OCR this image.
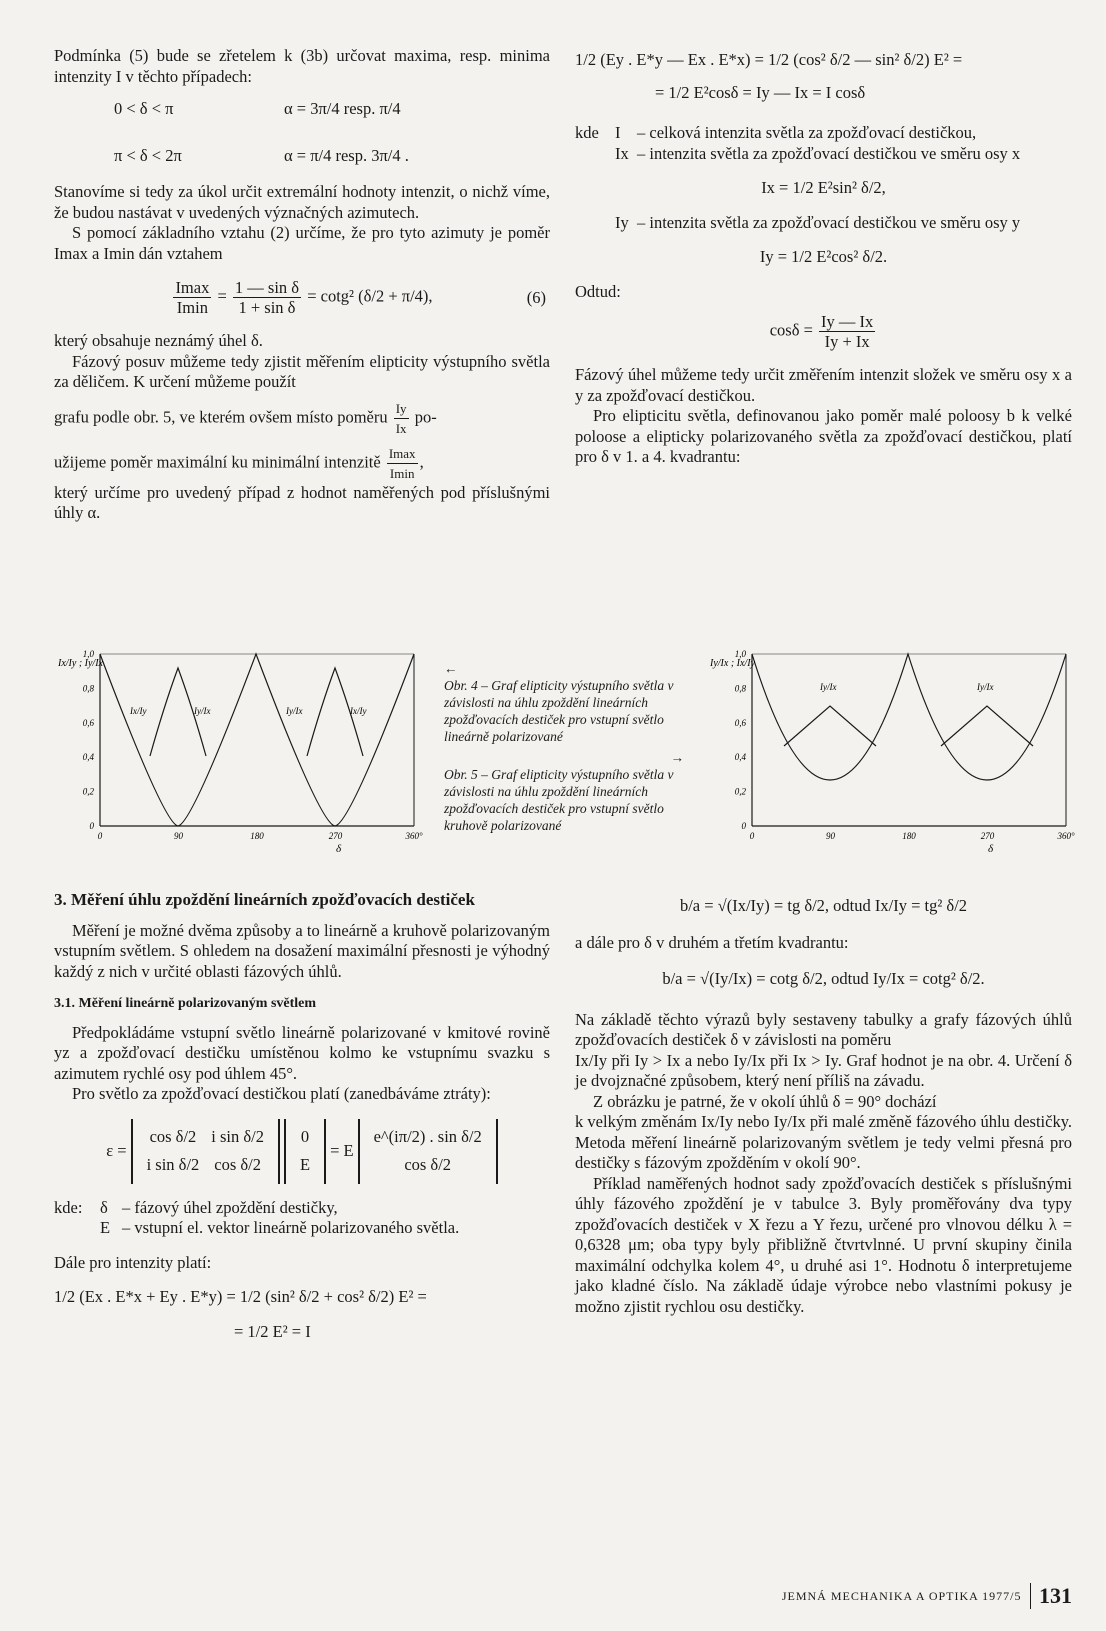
Podmínka (5) bude se zřetelem k (3b) určovat maxima, resp. minima intenzity I v těchto případech:

0 < δ < π	α = 3π/4 resp. π/4
π < δ < 2π	α = π/4 resp. 3π/4 .

Stanovíme si tedy za úkol určit extremální hodnoty intenzit, o nichž víme, že budou nastávat v uvedených význačných azimutech.

S pomocí základního vztahu (2) určíme, že pro tyto azimuty je poměr Imax a Imin dán vztahem

$\frac{Imax}{Imin} = \frac{\text{1 — sin δ}}{\text{1 + sin δ}} = \cot g^2$ (δ/2 + π/4),	(6)

který obsahuje neznámý úhel δ.

Fázový posuv můžeme tedy zjistit měřením elipticity výstupního světla za děličem. K určení můžeme použít

grafu podle obr. 5, ve kterém ovšem místo poměru $\frac{Iy}{Ix} po-$

užijeme poměr maximální ku minimální intenzitě $\frac{Imax}{Imin}$ ,

který určíme pro uvedený případ z hodnot naměřených pod příslušnými úhly α.

1/2 (Ey . E*y — Ex . E*x) = 1/2 (cos² δ/2 — sin² δ/2) E² =
= 1/2 E²cosδ = Iy — Ix = I cosδ
kde I	– celková intenzita světla za zpožďovací destičkou,
Ix – intenzita světla za zpožďovací destičkou ve směru osy x
Ix = 1/2 E²sin² δ/2,
Iy – intenzita světla za zpožďovací destičkou ve směru osy y
Iy = 1/2 E²cos² δ/2.

Odtud:

$\cos\delta = \frac{Iy — Ix}{Iy + Ix}$

Fázový úhel můžeme tedy určit změřením intenzit složek ve směru osy x a y za zpožďovací destičkou.

Pro elipticitu světla, definovanou jako poměr malé poloosy b k velké poloose a elipticky polarizovaného světla za zpožďovací destičkou, platí pro δ v 1. a 4. kvadrantu:

Ix/Iy ; Iy/Ix
1,0
0,8
0,6
0,4
0,2
0
0	90	180	270	360°
δ
Ix/Iy	Iy/Ix	Iy/Ix	Ix/Iy
←
Obr. 4 – Graf elipticity výstupního světla v závislosti na úhlu zpoždění lineárních zpožďovacích destiček pro vstupní světlo lineárně polarizované
→
Obr. 5 – Graf elipticity výstupního světla v závislosti na úhlu zpoždění lineárních zpožďovacích destiček pro vstupní světlo kruhově polarizované
Iy/Ix ; Ix/Iy
1,0
0,8
0,6
0,4
0,2
0
0	90	180	270	360°
δ
Iy/Ix	Iy/Ix
3. Měření úhlu zpoždění lineárních zpožďovacích destiček

Měření je možné dvěma způsoby a to lineárně a kruhově polarizovaným vstupním světlem. S ohledem na dosažení maximální přesnosti je výhodný každý z nich v určité oblasti fázových úhlů.

3.1. Měření lineárně polarizovaným světlem

Předpokládáme vstupní světlo lineárně polarizované v kmitové rovině yz a zpožďovací destičku umístěnou kolmo ke vstupnímu svazku s azimutem rychlé osy pod úhlem 45°.

Pro světlo za zpožďovací destičkou platí (zanedbáváme ztráty):

ε =
cos δ/2	i sin δ/2
i sin δ/2	cos δ/2
0
E
= E
e^(iπ/2) . sin δ/2
cos δ/2
kde:	δ – fázový úhel zpoždění destičky,
E – vstupní el. vektor lineárně polarizovaného světla.

Dále pro intenzity platí:

1/2 (Ex . E*x + Ey . E*y) = 1/2 (sin² δ/2 + cos² δ/2) E² =
= 1/2 E² = I
b/a = √(Ix/Iy) = tg δ/2, odtud Ix/Iy = tg² δ/2

a dále pro δ v druhém a třetím kvadrantu:

b/a = √(Iy/Ix) = cotg δ/2, odtud Iy/Ix = cotg² δ/2.

Na základě těchto výrazů byly sestaveny tabulky a grafy fázových úhlů zpožďovacích destiček δ v závislosti na poměru

Ix/Iy při Iy > Ix a nebo Iy/Ix při Ix > Iy. Graf hodnot je na obr. 4. Určení δ je dvojznačné způsobem, který není příliš na závadu.

Z obrázku je patrné, že v okolí úhlů δ = 90° dochází

k velkým změnám Ix/Iy nebo Iy/Ix při malé změně fázového úhlu destičky. Metoda měření lineárně polarizovaným světlem je tedy velmi přesná pro destičky s fázovým zpožděním v okolí 90°.

Příklad naměřených hodnot sady zpožďovacích destiček s příslušnými úhly fázového zpoždění je v tabulce 3. Byly proměřovány dva typy zpožďovacích destiček v X řezu a Y řezu, určené pro vlnovou délku λ = 0,6328 μm; oba typy byly přibližně čtvrtvlnné. U první skupiny činila maximální odchylka kolem 4°, u druhé asi 1°. Hodnotu δ interpretujeme jako kladné číslo. Na základě údaje výrobce nebo vlastními pokusy je možno zjistit rychlou osu destičky.

JEMNÁ MECHANIKA A OPTIKA 1977/5 131
